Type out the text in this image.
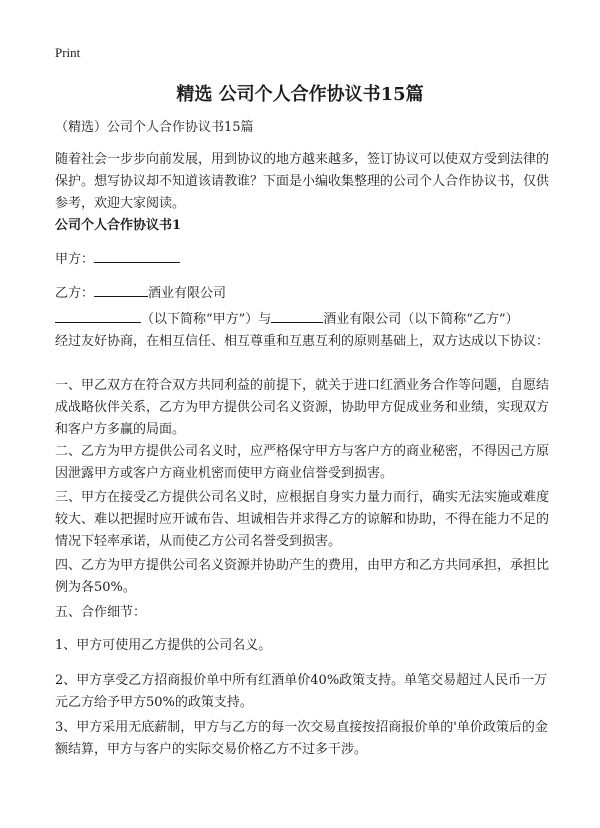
Print
精选 公司个人合作协议书15篇
（精选）公司个人合作协议书15篇
随着社会一步步向前发展，用到协议的地方越来越多，签订协议可以使双方受到法律的保护。想写协议却不知道该请教谁？下面是小编收集整理的公司个人合作协议书，仅供参考，欢迎大家阅读。
公司个人合作协议书1
甲方：
乙方：	酒业有限公司
（以下简称“甲方”）与	酒业有限公司（以下简称“乙方”）
经过友好协商，在相互信任、相互尊重和互惠互利的原则基础上，双方达成以下协议：
一、甲乙双方在符合双方共同利益的前提下，就关于进口红酒业务合作等问题，自愿结成战略伙伴关系，乙方为甲方提供公司名义资源，协助甲方促成业务和业绩，实现双方和客户方多赢的局面。
二、乙方为甲方提供公司名义时，应严格保守甲方与客户方的商业秘密，不得因己方原因泄露甲方或客户方商业机密而使甲方商业信誉受到损害。
三、甲方在接受乙方提供公司名义时，应根据自身实力量力而行，确实无法实施或难度较大、难以把握时应开诚布告、坦诚相告并求得乙方的谅解和协助，不得在能力不足的情况下轻率承诺，从而使乙方公司名誉受到损害。
四、乙方为甲方提供公司名义资源并协助产生的费用，由甲方和乙方共同承担，承担比例为各50%。
五、合作细节：
1、甲方可使用乙方提供的公司名义。
2、甲方享受乙方招商报价单中所有红酒单价40%政策支持。单笔交易超过人民币一万元乙方给予甲方50%的政策支持。
3、甲方采用无底薪制，甲方与乙方的每一次交易直接按招商报价单的'单价政策后的金额结算，甲方与客户的实际交易价格乙方不过多干涉。
